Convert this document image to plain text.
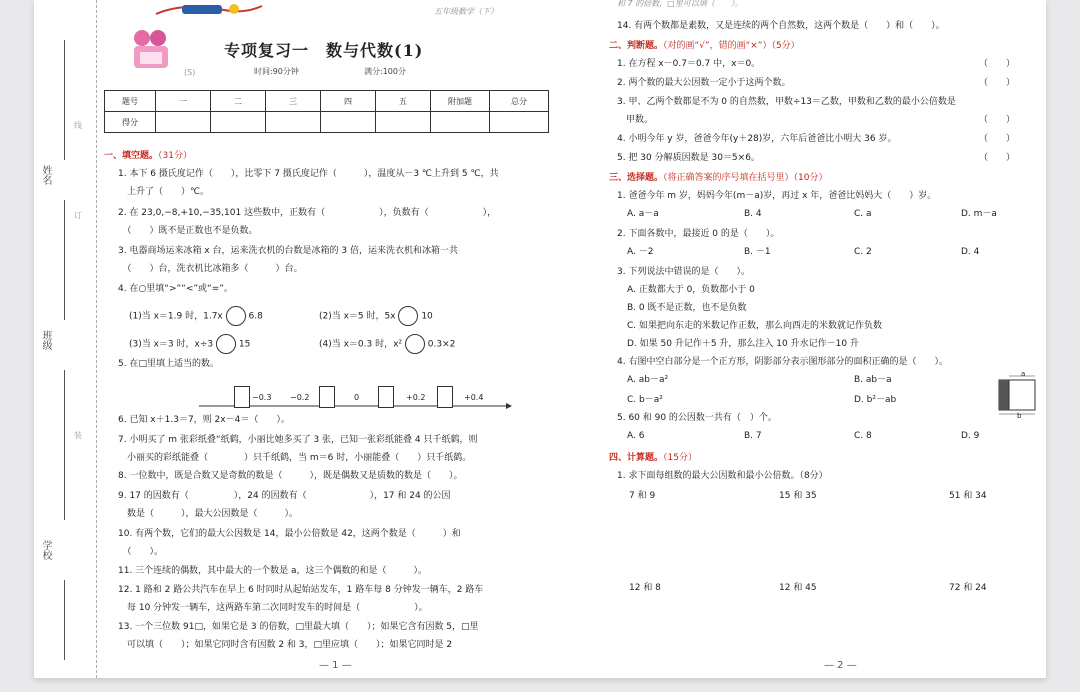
姓名
班级
学校
线
订
装
专项复习一　数与代数(1)
(S)	时间:90分钟	满分:100分
题号	一	二	三	四	五	附加题	总分
得分							
一、填空题。（31分）
1. 本下 6 摄氏度记作（　　），比零下 7 摄氏度记作（　　　），温度从－3 ℃上升到 5 ℃，共
　上升了（　　）℃。
2. 在 23,0,−8,+10,−35,101 这些数中，正数有（　　　　　　），负数有（　　　　　　），
　（　　）既不是正数也不是负数。
3. 电器商场运来冰箱 x 台，运来洗衣机的台数是冰箱的 3 倍，运来洗衣机和冰箱一共
　（　　）台，洗衣机比冰箱多（　　　）台。
4. 在○里填“>”“<”或“=”。
(1)当 x＝1.9 时，1.7x	6.8	(2)当 x＝5 时，5x	10
(3)当 x＝3 时，x÷3	15	(4)当 x＝0.3 时，x²	0.3×2
5. 在□里填上适当的数。
−0.3 −0.2	0	+0.2	+0.4
6. 已知 x＋1.3＝7，则 2x－4＝（　　）。
7. 小明买了 m 张彩纸叠“纸鹤，小丽比她多买了 3 张，已知一张彩纸能叠 4 只千纸鹤，则
　小丽买的彩纸能叠（　　　　）只千纸鹤，当 m＝6 时，小丽能叠（　　）只千纸鹤。
8. 一位数中，既是合数又是奇数的数是（　　　），既是偶数又是质数的数是（　　）。
9. 17 的因数有（　　　　　），24 的因数有（　　　　　　　），17 和 24 的公因
　数是（　　　），最大公因数是（　　　）。
10. 有两个数，它们的最大公因数是 14，最小公倍数是 42，这两个数是（　　　）和
　（　　）。
11. 三个连续的偶数，其中最大的一个数是 a，这三个偶数的和是（　　　）。
12. 1 路和 2 路公共汽车在早上 6 时同时从起始站发车，1 路车每 8 分钟发一辆车，2 路车
　每 10 分钟发一辆车，这两路车第二次同时发车的时间是（　　　　　　）。
13. 一个三位数 91□，如果它是 3 的倍数，□里最大填（　　）；如果它含有因数 5，□里
　可以填（　　）；如果它同时含有因数 2 和 3，□里应填（　　）；如果它同时是 2
— 1 —
　和 7 的倍数，□里可以填（　　）。
14. 有两个数都是素数，又是连续的两个自然数，这两个数是（　　）和（　　）。
二、判断题。（对的画“√”，错的画“×”）（5分）
1. 在方程 x－0.7＝0.7 中，x＝0。
2. 两个数的最大公因数一定小于这两个数。
3. 甲、乙两个数都是不为 0 的自然数，甲数÷13＝乙数，甲数和乙数的最小公倍数是
　甲数。
4. 小明今年 y 岁，爸爸今年(y＋28)岁，六年后爸爸比小明大 36 岁。
5. 把 30 分解质因数是 30＝5×6。
（　　）
（　　）
（　　）
（　　）
（　　）
三、选择题。（将正确答案的序号填在括号里）（10分）
1. 爸爸今年 m 岁，妈妈今年(m－a)岁，再过 x 年，爸爸比妈妈大（　　）岁。
A. a－a	B. 4	C. a	D. m－a
2. 下面各数中，最接近 0 的是（　　）。
A. －2	B. －1	C. 2	D. 4
3. 下列说法中错误的是（　　）。
A. 正数都大于 0，负数都小于 0
B. 0 既不是正数，也不是负数
C. 如果把向东走的米数记作正数，那么向西走的米数就记作负数
D. 如果 50 升记作＋5 升，那么注入 10 升水记作－10 升
4. 右图中空白部分是一个正方形，阴影部分表示图形部分的面积正确的是（　　）。
A. ab－a²	B. ab－a
C. b－a²	D. b²－ab
a
b
5. 60 和 90 的公因数一共有（　）个。
A. 6	B. 7	C. 8	D. 9
四、计算题。（15分）
1. 求下面每组数的最大公因数和最小公倍数。（8分）
7 和 9	15 和 35	51 和 34
12 和 8	12 和 45	72 和 24
— 2 —
五年级数学（下）
